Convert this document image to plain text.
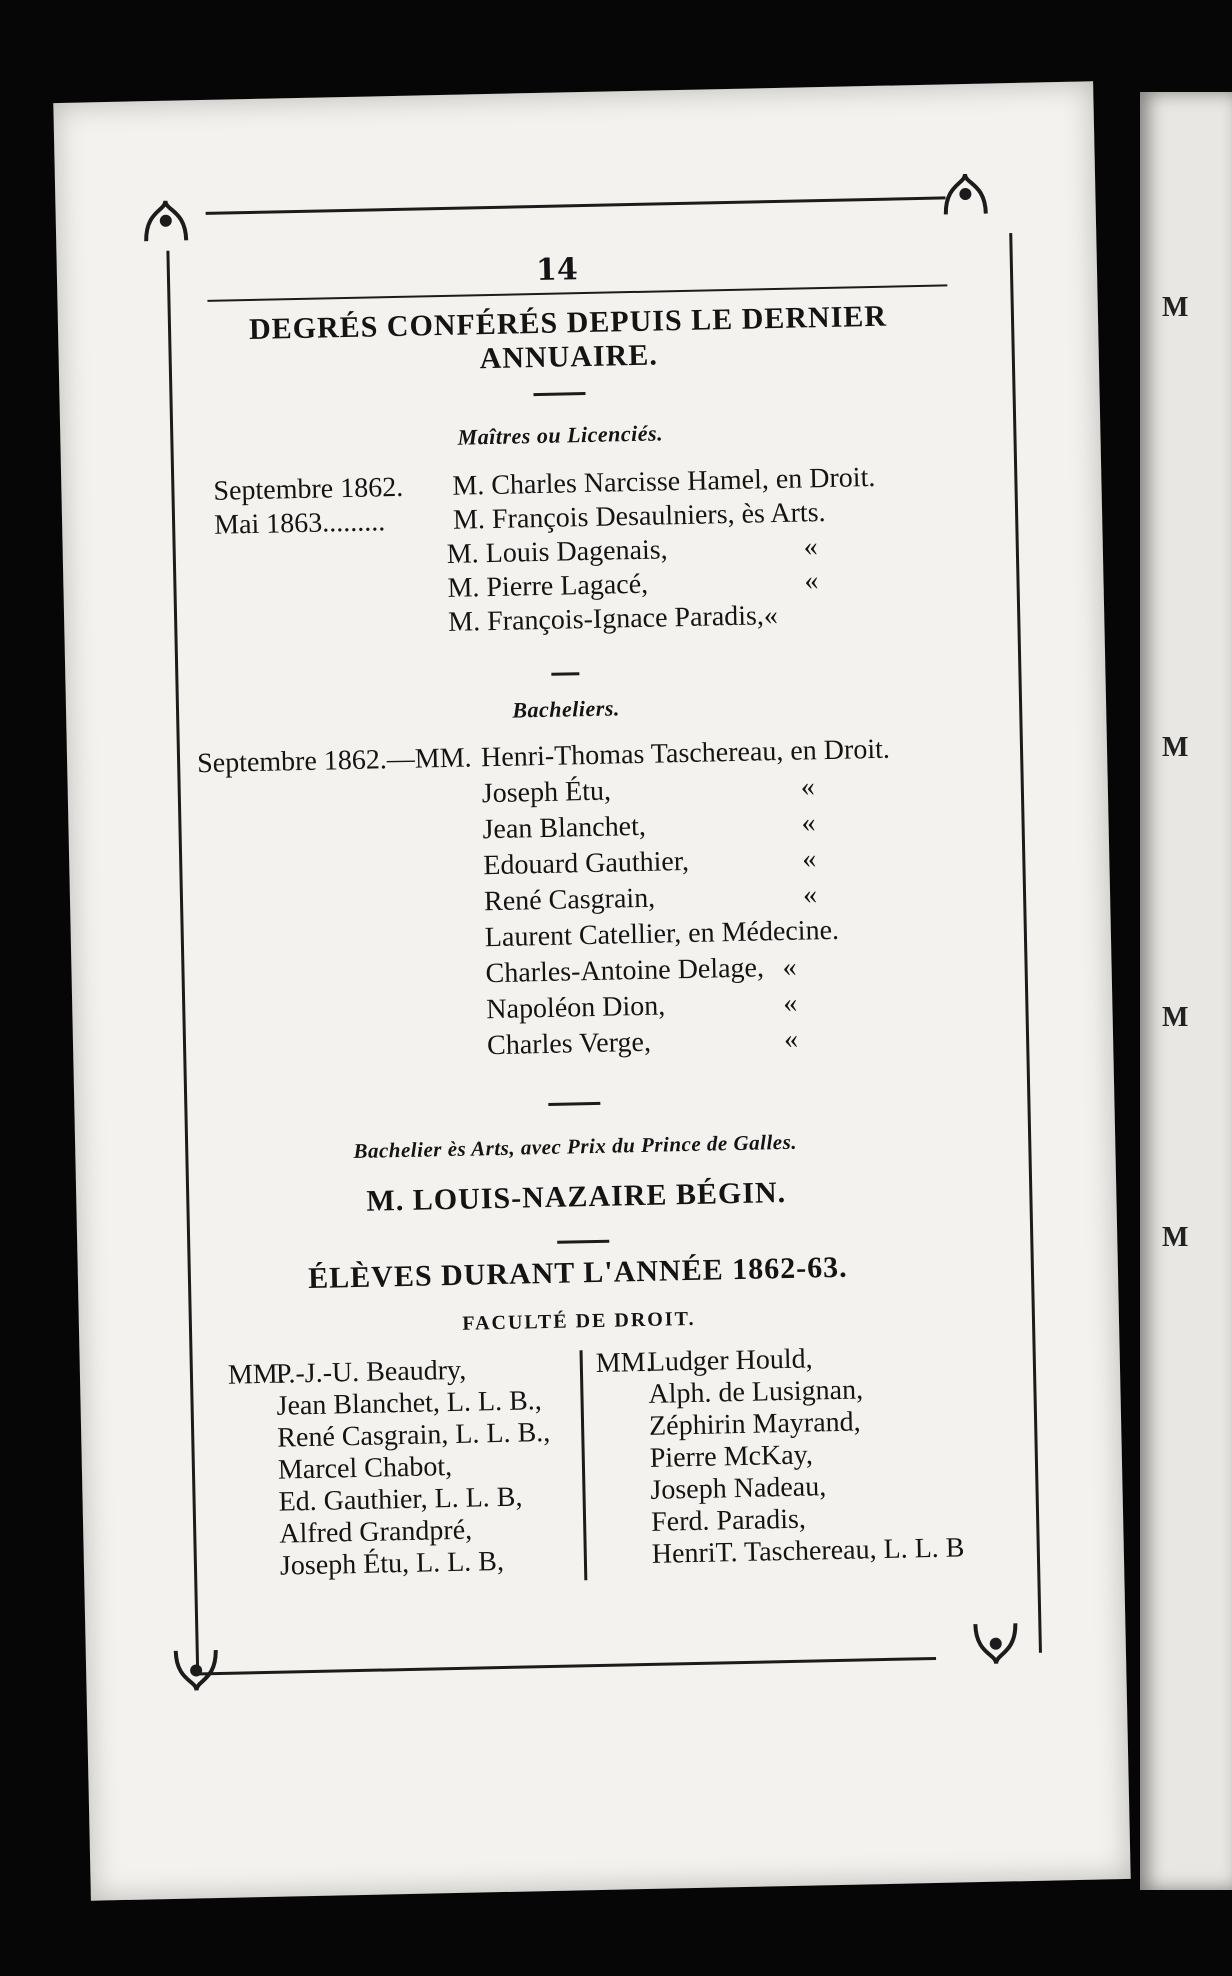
M
M
M
M
14
DEGRÉS CONFÉRÉS DEPUIS LE DERNIER ANNUAIRE.
Maîtres ou Licenciés.
Septembre 1862. M. Charles Narcisse Hamel, en Droit.
Mai 1863......... M. François Desaulniers, ès Arts.
M. Louis Dagenais,	«
M. Pierre Lagacé,	«
M. François-Ignace Paradis,«
Bacheliers.
Septembre 1862.—MM. Henri-Thomas Taschereau, en Droit.
Joseph Étu,	«
Jean Blanchet,	«
Edouard Gauthier,	«
René Casgrain,	«
Laurent Catellier, en Médecine.
Charles-Antoine Delage, «
Napoléon Dion,	«
Charles Verge,	«
Bachelier ès Arts, avec Prix du Prince de Galles.
M. LOUIS-NAZAIRE BÉGIN.
ÉLÈVES DURANT L'ANNÉE 1862-63.
FACULTÉ DE DROIT.
MM.
P.-J.-U. Beaudry,
Jean Blanchet, L. L. B.,
René Casgrain, L. L. B.,
Marcel Chabot,
Ed. Gauthier, L. L. B,
Alfred Grandpré,
Joseph Étu, L. L. B,
MM.
Ludger Hould,
Alph. de Lusignan,
Zéphirin Mayrand,
Pierre McKay,
Joseph Nadeau,
Ferd. Paradis,
HenriT. Taschereau, L. L. B
